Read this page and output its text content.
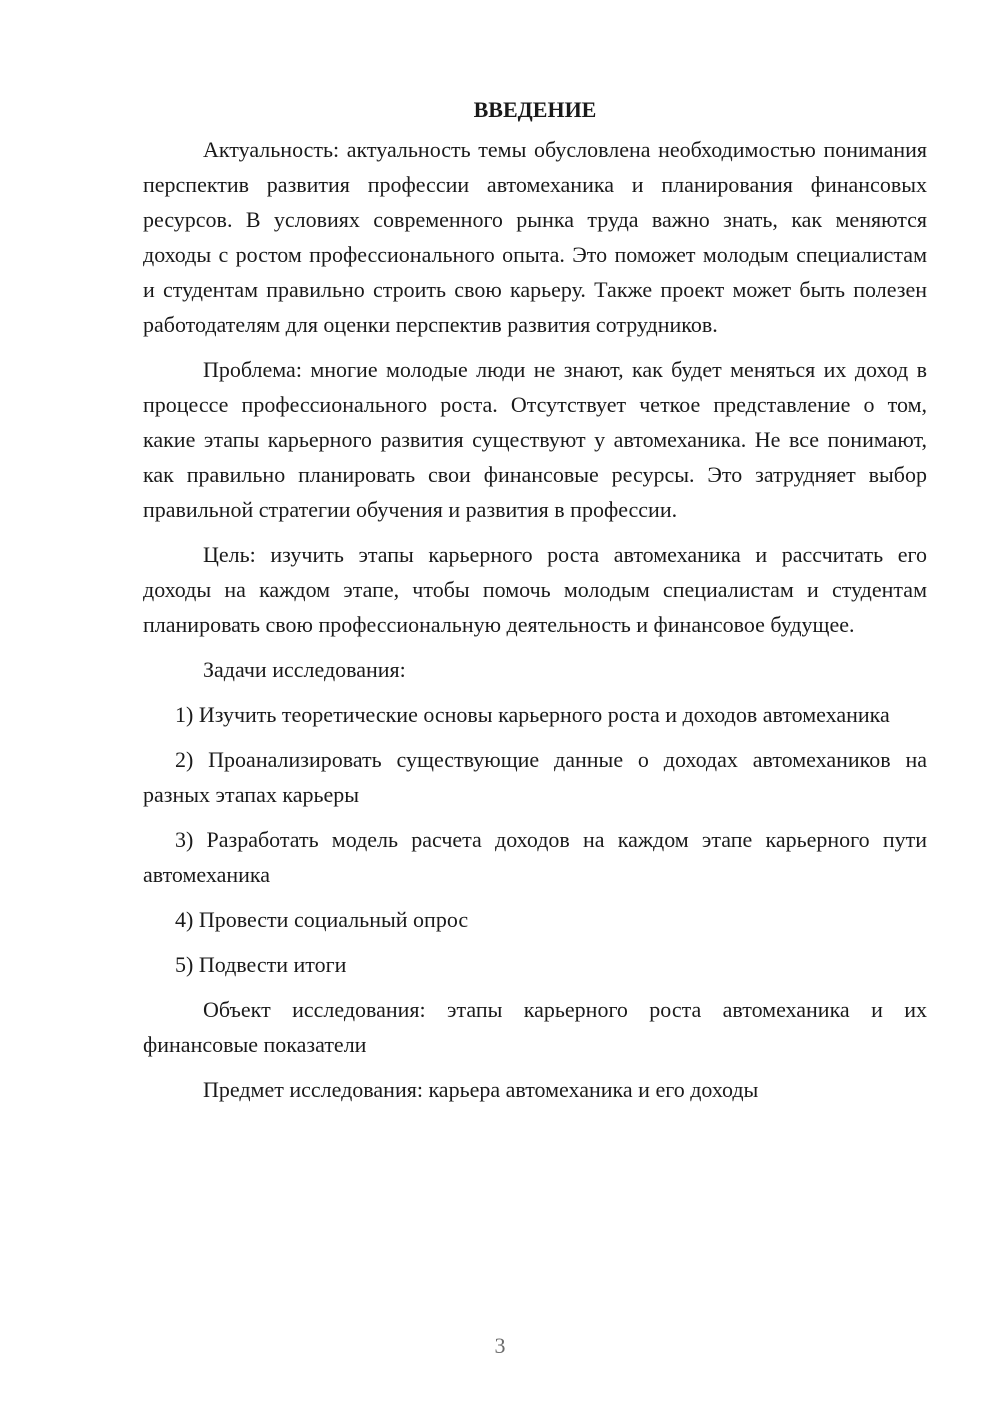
ВВЕДЕНИЕ

Актуальность: актуальность темы обусловлена необходимостью понимания перспектив развития профессии автомеханика и планирования финансовых ресурсов. В условиях современного рынка труда важно знать, как меняются доходы с ростом профессионального опыта. Это поможет молодым специалистам и студентам правильно строить свою карьеру. Также проект может быть полезен работодателям для оценки перспектив развития сотрудников.

Проблема: многие молодые люди не знают, как будет меняться их доход в процессе профессионального роста. Отсутствует четкое представление о том, какие этапы карьерного развития существуют у автомеханика. Не все понимают, как правильно планировать свои финансовые ресурсы. Это затрудняет выбор правильной стратегии обучения и развития в профессии.

Цель: изучить этапы карьерного роста автомеханика и рассчитать его доходы на каждом этапе, чтобы помочь молодым специалистам и студентам планировать свою профессиональную деятельность и финансовое будущее.

Задачи исследования:

1) Изучить теоретические основы карьерного роста и доходов автомеханика

2) Проанализировать существующие данные о доходах автомехаников на разных этапах карьеры

3) Разработать модель расчета доходов на каждом этапе карьерного пути автомеханика

4) Провести социальный опрос

5) Подвести итоги

Объект исследования: этапы карьерного роста автомеханика и их финансовые показатели

Предмет исследования: карьера автомеханика и его доходы

3
